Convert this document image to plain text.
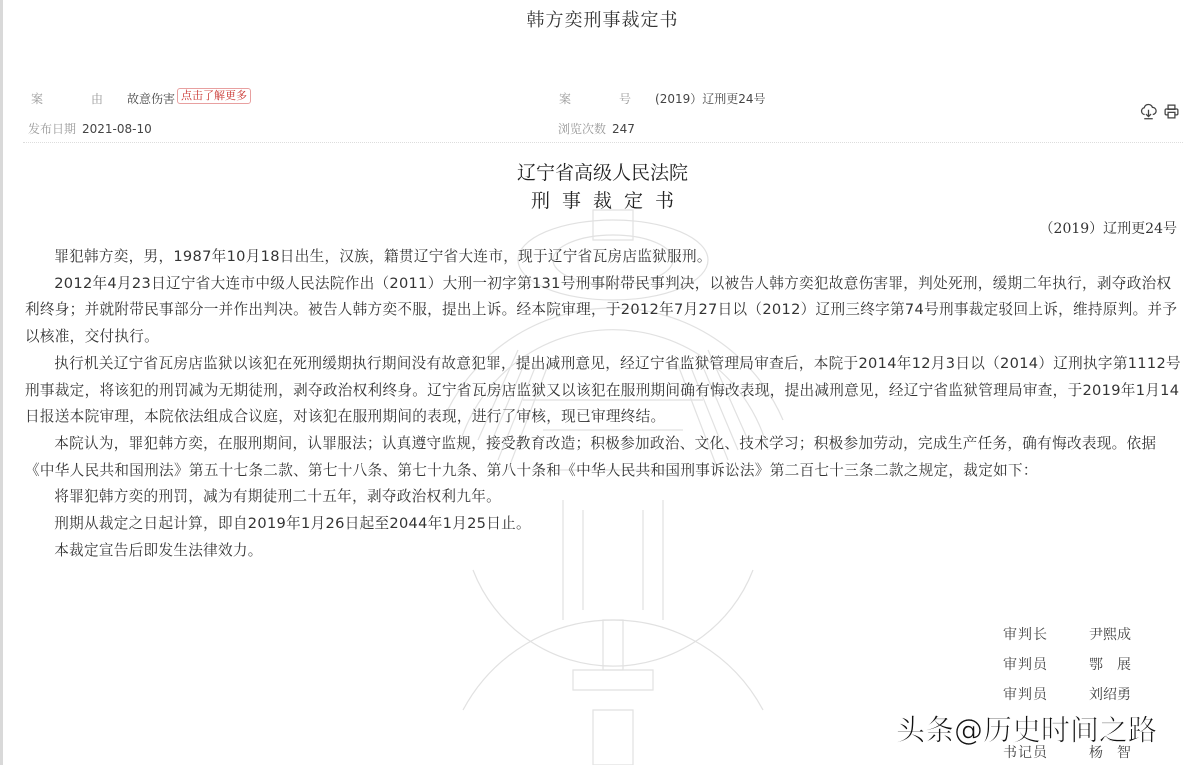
韩方奕刑事裁定书
案　由 故意伤害 点击了解更多	案　号 (2019）辽刑更24号
发布日期 2021-08-10	浏览次数 247
辽宁省高级人民法院
刑事裁定书
（2019）辽刑更24号

罪犯韩方奕，男，1987年10月18日出生，汉族，籍贯辽宁省大连市，现于辽宁省瓦房店监狱服刑。

2012年4月23日辽宁省大连市中级人民法院作出（2011）大刑一初字第131号刑事附带民事判决，以被告人韩方奕犯故意伤害罪，判处死刑，缓期二年执行，剥夺政治权利终身；并就附带民事部分一并作出判决。被告人韩方奕不服，提出上诉。经本院审理，于2012年7月27日以（2012）辽刑三终字第74号刑事裁定驳回上诉，维持原判。并予以核准，交付执行。

执行机关辽宁省瓦房店监狱以该犯在死刑缓期执行期间没有故意犯罪，提出减刑意见，经辽宁省监狱管理局审查后，本院于2014年12月3日以（2014）辽刑执字第1112号刑事裁定，将该犯的刑罚减为无期徒刑，剥夺政治权利终身。辽宁省瓦房店监狱又以该犯在服刑期间确有悔改表现，提出减刑意见，经辽宁省监狱管理局审查，于2019年1月14日报送本院审理，本院依法组成合议庭，对该犯在服刑期间的表现，进行了审核，现已审理终结。

本院认为，罪犯韩方奕，在服刑期间，认罪服法；认真遵守监规，接受教育改造；积极参加政治、文化、技术学习；积极参加劳动，完成生产任务，确有悔改表现。依据《中华人民共和国刑法》第五十七条二款、第七十八条、第七十九条、第八十条和《中华人民共和国刑事诉讼法》第二百七十三条二款之规定，裁定如下：

将罪犯韩方奕的刑罚，减为有期徒刑二十五年，剥夺政治权利九年。

刑期从裁定之日起计算，即自2019年1月26日起至2044年1月25日止。

本裁定宣告后即发生法律效力。

审判长	尹熙成
审判员	鄂　展
审判员	刘绍勇
书记员	杨　智
头条@历史时间之路
